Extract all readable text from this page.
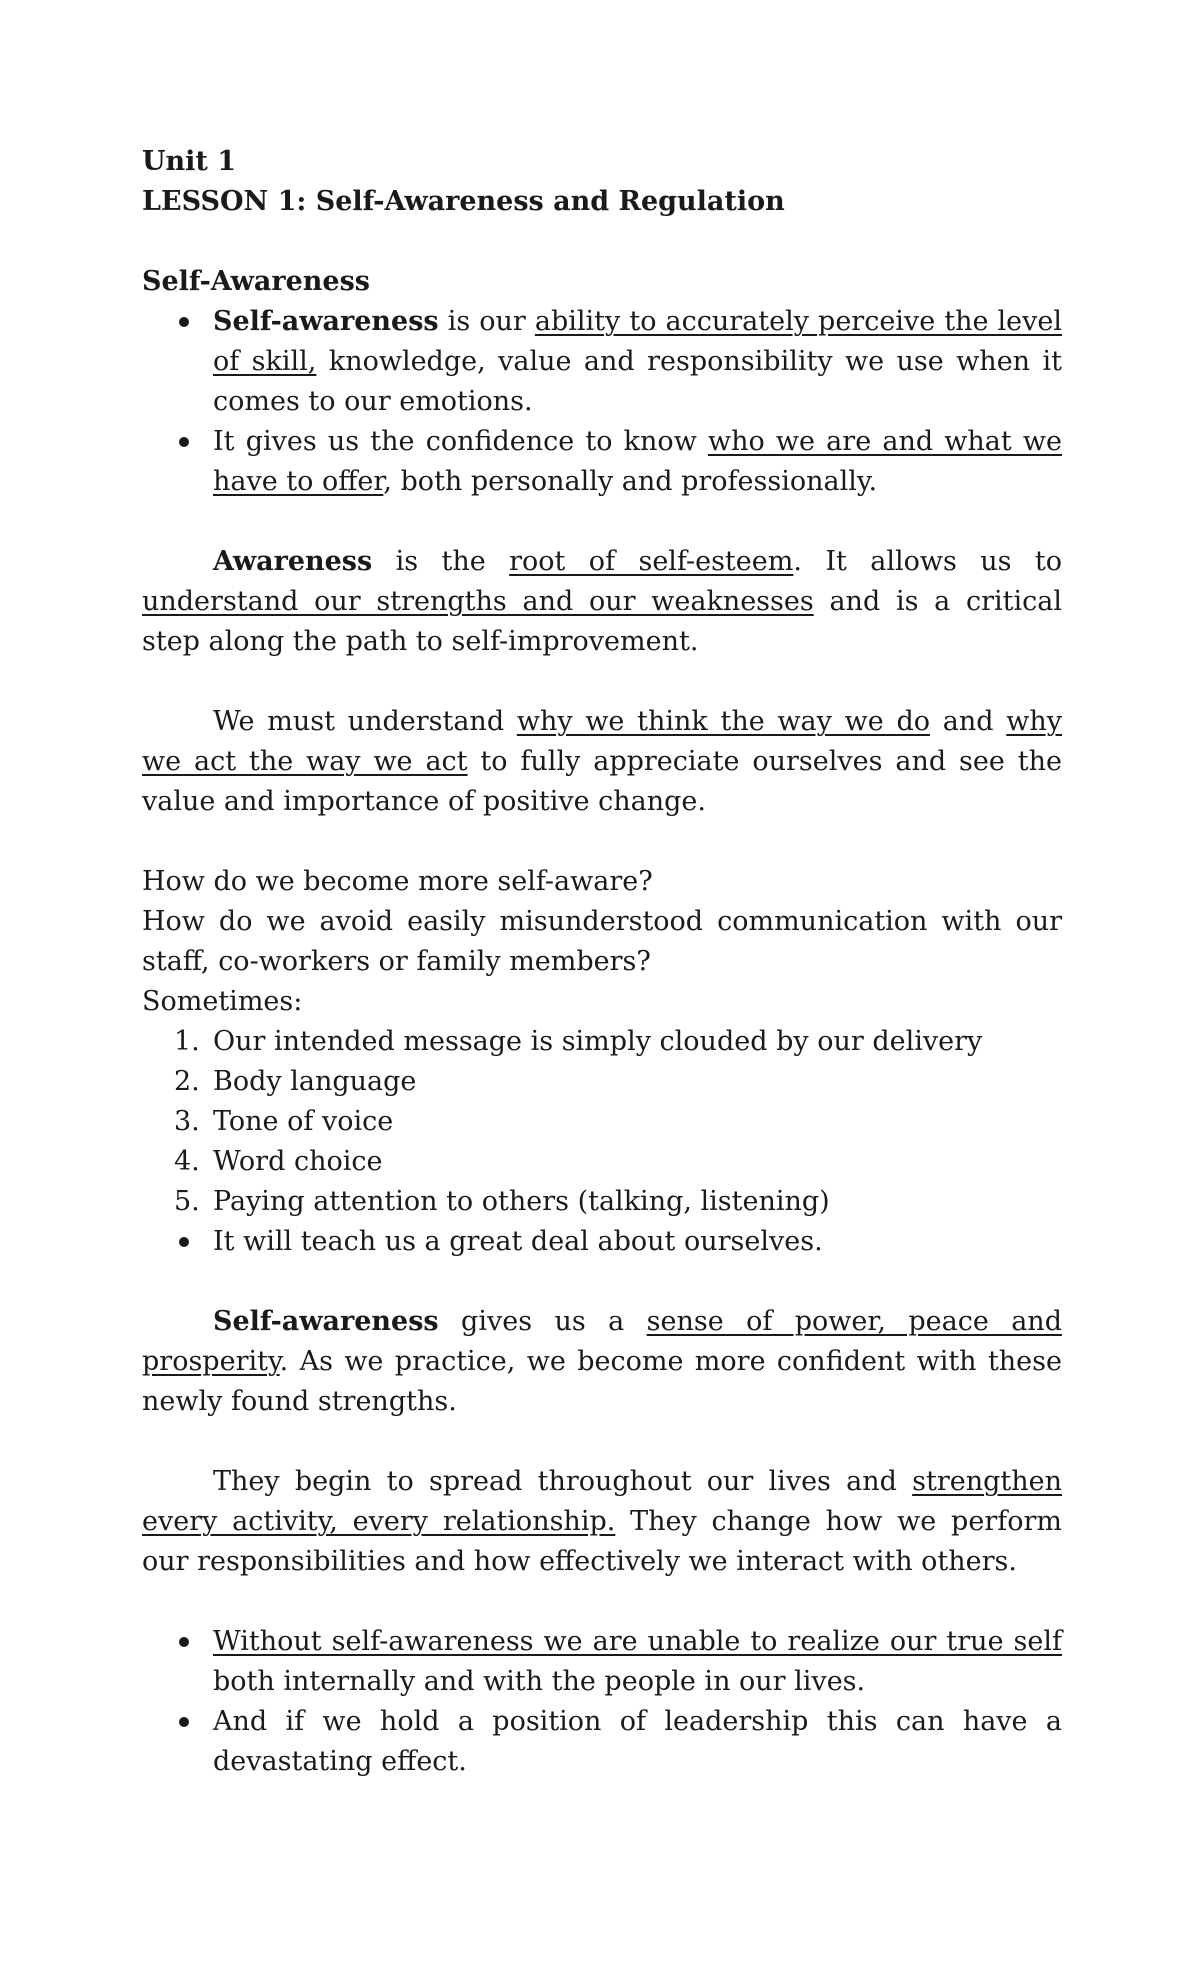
Unit 1

LESSON 1: Self-Awareness and Regulation

Self-Awareness

Self-awareness is our ability to accurately perceive the level of skill, knowledge, value and responsibility we use when it comes to our emotions.
It gives us the confidence to know who we are and what we have to offer, both personally and professionally.

Awareness is the root of self-esteem. It allows us to understand our strengths and our weaknesses and is a critical step along the path to self-improvement.

We must understand why we think the way we do and why we act the way we act to fully appreciate ourselves and see the value and importance of positive change.

How do we become more self-aware?

How do we avoid easily misunderstood communication with our staff, co-workers or family members?

Sometimes:

1. Our intended message is simply clouded by our delivery
2. Body language
3. Tone of voice
4. Word choice
5. Paying attention to others (talking, listening)
It will teach us a great deal about ourselves.

Self-awareness gives us a sense of power, peace and prosperity. As we practice, we become more confident with these newly found strengths.

They begin to spread throughout our lives and strengthen every activity, every relationship. They change how we perform our responsibilities and how effectively we interact with others.

Without self-awareness we are unable to realize our true self both internally and with the people in our lives.
And if we hold a position of leadership this can have a devastating effect.
